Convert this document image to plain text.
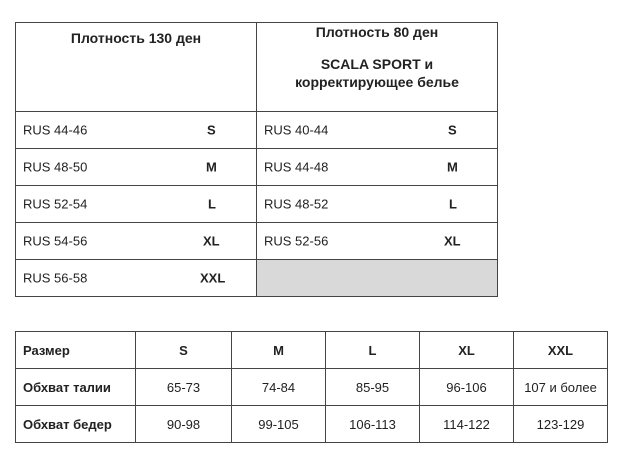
Плотность 130 ден	Плотность 80 ден
SCALA SPORT и
корректирующее белье

RUS 44-46 S	RUS 40-44 S

RUS 48-50 M	RUS 44-48 M

RUS 52-54 L	RUS 48-52 L

RUS 54-56 XL	RUS 52-56 XL

RUS 56-58 XXL	

Размер	S	M	L	XL	XXL
Обхват талии	65-73	74-84	85-95	96-106	107 и более
Обхват бедер	90-98	99-105	106-113	114-122	123-129
